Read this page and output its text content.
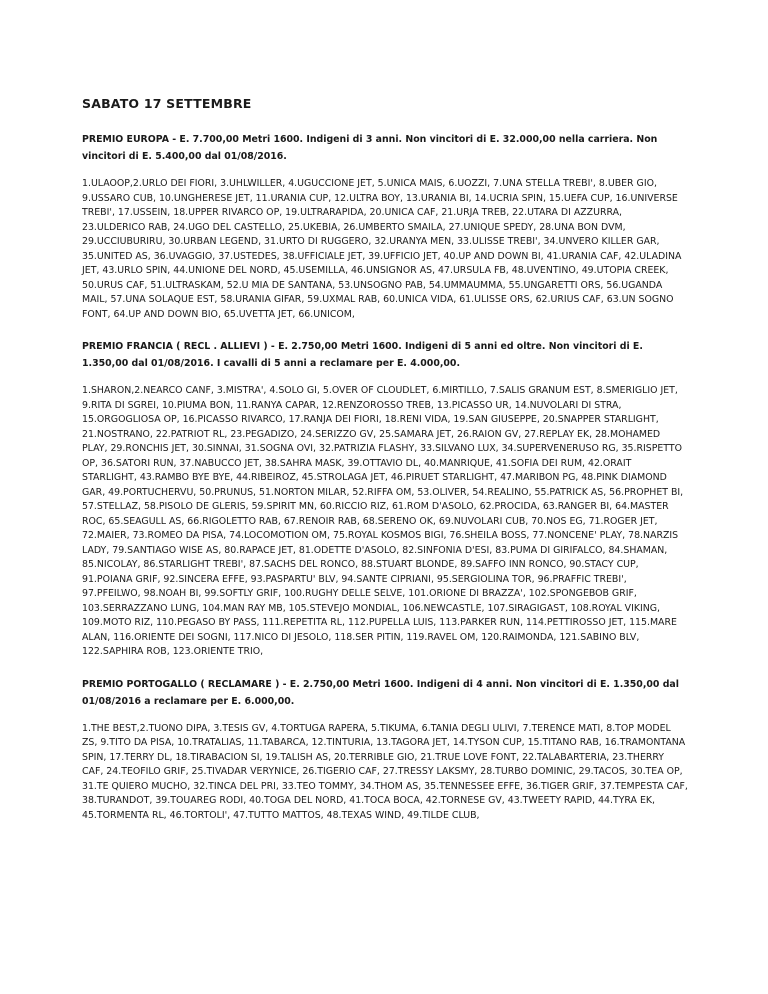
SABATO 17 SETTEMBRE

PREMIO EUROPA - E. 7.700,00 Metri 1600. Indigeni di 3 anni. Non vincitori di E. 32.000,00 nella carriera. Non vincitori di E. 5.400,00 dal 01/08/2016.

1.ULAOOP,2.URLO DEI FIORI, 3.UHLWILLER, 4.UGUCCIONE JET, 5.UNICA MAIS, 6.UOZZI, 7.UNA STELLA TREBI', 8.UBER GIO, 9.USSARO CUB, 10.UNGHERESE JET, 11.URANIA CUP, 12.ULTRA BOY, 13.URANIA BI, 14.UCRIA SPIN, 15.UEFA CUP, 16.UNIVERSE TREBI', 17.USSEIN, 18.UPPER RIVARCO OP, 19.ULTRARAPIDA, 20.UNICA CAF, 21.URJA TREB, 22.UTARA DI AZZURRA, 23.ULDERICO RAB, 24.UGO DEL CASTELLO, 25.UKEBIA, 26.UMBERTO SMAILA, 27.UNIQUE SPEDY, 28.UNA BON DVM, 29.UCCIUBURIRU, 30.URBAN LEGEND, 31.URTO DI RUGGERO, 32.URANYA MEN, 33.ULISSE TREBI', 34.UNVERO KILLER GAR, 35.UNITED AS, 36.UVAGGIO, 37.USTEDES, 38.UFFICIALE JET, 39.UFFICIO JET, 40.UP AND DOWN BI, 41.URANIA CAF, 42.ULADINA JET, 43.URLO SPIN, 44.UNIONE DEL NORD, 45.USEMILLA, 46.UNSIGNOR AS, 47.URSULA FB, 48.UVENTINO, 49.UTOPIA CREEK, 50.URUS CAF, 51.ULTRASKAM, 52.U MIA DE SANTANA, 53.UNSOGNO PAB, 54.UMMAUMMA, 55.UNGARETTI ORS, 56.UGANDA MAIL, 57.UNA SOLAQUE EST, 58.URANIA GIFAR, 59.UXMAL RAB, 60.UNICA VIDA, 61.ULISSE ORS, 62.URIUS CAF, 63.UN SOGNO FONT, 64.UP AND DOWN BIO, 65.UVETTA JET, 66.UNICOM,

PREMIO FRANCIA ( RECL . ALLIEVI ) - E. 2.750,00 Metri 1600. Indigeni di 5 anni ed oltre. Non vincitori di E. 1.350,00 dal 01/08/2016. I cavalli di 5 anni a reclamare per E. 4.000,00.

1.SHARON,2.NEARCO CANF, 3.MISTRA', 4.SOLO GI, 5.OVER OF CLOUDLET, 6.MIRTILLO, 7.SALIS GRANUM EST, 8.SMERIGLIO JET, 9.RITA DI SGREI, 10.PIUMA BON, 11.RANYA CAPAR, 12.RENZOROSSO TREB, 13.PICASSO UR, 14.NUVOLARI DI STRA, 15.ORGOGLIOSA OP, 16.PICASSO RIVARCO, 17.RANJA DEI FIORI, 18.RENI VIDA, 19.SAN GIUSEPPE, 20.SNAPPER STARLIGHT, 21.NOSTRANO, 22.PATRIOT RL, 23.PEGADIZO, 24.SERIZZO GV, 25.SAMARA JET, 26.RAION GV, 27.REPLAY EK, 28.MOHAMED PLAY, 29.RONCHIS JET, 30.SINNAI, 31.SOGNA OVI, 32.PATRIZIA FLASHY, 33.SILVANO LUX, 34.SUPERVENERUSO RG, 35.RISPETTO OP, 36.SATORI RUN, 37.NABUCCO JET, 38.SAHRA MASK, 39.OTTAVIO DL, 40.MANRIQUE, 41.SOFIA DEI RUM, 42.ORAIT STARLIGHT, 43.RAMBO BYE BYE, 44.RIBEIROZ, 45.STROLAGA JET, 46.PIRUET STARLIGHT, 47.MARIBON PG, 48.PINK DIAMOND GAR, 49.PORTUCHERVU, 50.PRUNUS, 51.NORTON MILAR, 52.RIFFA OM, 53.OLIVER, 54.REALINO, 55.PATRICK AS, 56.PROPHET BI, 57.STELLAZ, 58.PISOLO DE GLERIS, 59.SPIRIT MN, 60.RICCIO RIZ, 61.ROM D'ASOLO, 62.PROCIDA, 63.RANGER BI, 64.MASTER ROC, 65.SEAGULL AS, 66.RIGOLETTO RAB, 67.RENOIR RAB, 68.SERENO OK, 69.NUVOLARI CUB, 70.NOS EG, 71.ROGER JET, 72.MAIER, 73.ROMEO DA PISA, 74.LOCOMOTION OM, 75.ROYAL KOSMOS BIGI, 76.SHEILA BOSS, 77.NONCENE' PLAY, 78.NARZIS LADY, 79.SANTIAGO WISE AS, 80.RAPACE JET, 81.ODETTE D'ASOLO, 82.SINFONIA D'ESI, 83.PUMA DI GIRIFALCO, 84.SHAMAN, 85.NICOLAY, 86.STARLIGHT TREBI', 87.SACHS DEL RONCO, 88.STUART BLONDE, 89.SAFFO INN RONCO, 90.STACY CUP, 91.POIANA GRIF, 92.SINCERA EFFE, 93.PASPARTU' BLV, 94.SANTE CIPRIANI, 95.SERGIOLINA TOR, 96.PRAFFIC TREBI', 97.PFEILWO, 98.NOAH BI, 99.SOFTLY GRIF, 100.RUGHY DELLE SELVE, 101.ORIONE DI BRAZZA', 102.SPONGEBOB GRIF, 103.SERRAZZANO LUNG, 104.MAN RAY MB, 105.STEVEJO MONDIAL, 106.NEWCASTLE, 107.SIRAGIGAST, 108.ROYAL VIKING, 109.MOTO RIZ, 110.PEGASO BY PASS, 111.REPETITA RL, 112.PUPELLA LUIS, 113.PARKER RUN, 114.PETTIROSSO JET, 115.MARE ALAN, 116.ORIENTE DEI SOGNI, 117.NICO DI JESOLO, 118.SER PITIN, 119.RAVEL OM, 120.RAIMONDA, 121.SABINO BLV, 122.SAPHIRA ROB, 123.ORIENTE TRIO,

PREMIO PORTOGALLO ( RECLAMARE ) - E. 2.750,00 Metri 1600. Indigeni di 4 anni. Non vincitori di E. 1.350,00 dal 01/08/2016 a reclamare per E. 6.000,00.

1.THE BEST,2.TUONO DIPA, 3.TESIS GV, 4.TORTUGA RAPERA, 5.TIKUMA, 6.TANIA DEGLI ULIVI, 7.TERENCE MATI, 8.TOP MODEL ZS, 9.TITO DA PISA, 10.TRATALIAS, 11.TABARCA, 12.TINTURIA, 13.TAGORA JET, 14.TYSON CUP, 15.TITANO RAB, 16.TRAMONTANA SPIN, 17.TERRY DL, 18.TIRABACION SI, 19.TALISH AS, 20.TERRIBLE GIO, 21.TRUE LOVE FONT, 22.TALABARTERIA, 23.THERRY CAF, 24.TEOFILO GRIF, 25.TIVADAR VERYNICE, 26.TIGERIO CAF, 27.TRESSY LAKSMY, 28.TURBO DOMINIC, 29.TACOS, 30.TEA OP, 31.TE QUIERO MUCHO, 32.TINCA DEL PRI, 33.TEO TOMMY, 34.THOM AS, 35.TENNESSEE EFFE, 36.TIGER GRIF, 37.TEMPESTA CAF, 38.TURANDOT, 39.TOUAREG RODI, 40.TOGA DEL NORD, 41.TOCA BOCA, 42.TORNESE GV, 43.TWEETY RAPID, 44.TYRA EK, 45.TORMENTA RL, 46.TORTOLI', 47.TUTTO MATTOS, 48.TEXAS WIND, 49.TILDE CLUB,
